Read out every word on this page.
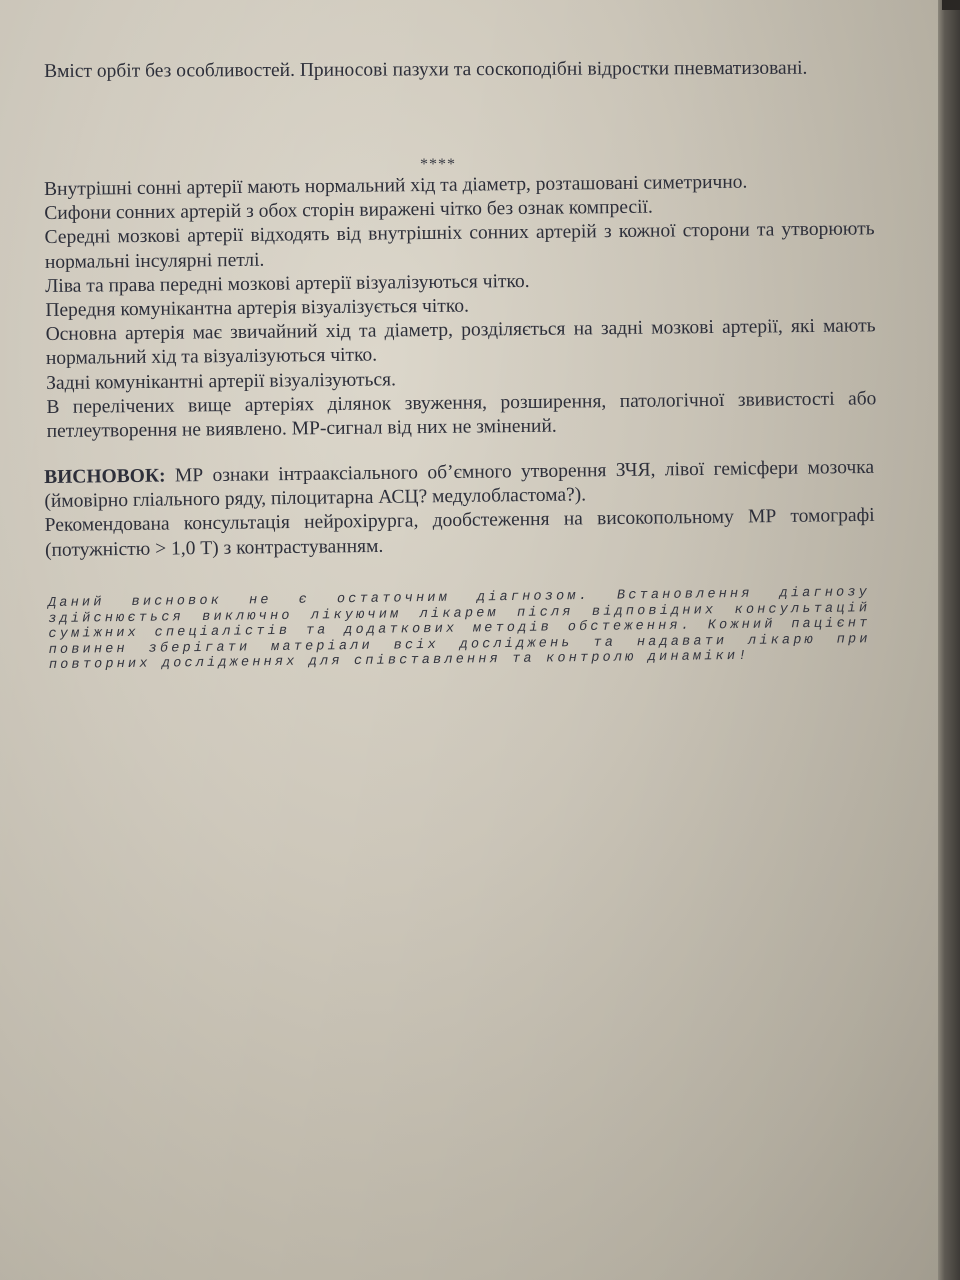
Вміст орбіт без особливостей. Приносові пазухи та соскоподібні відростки пневматизовані.

****

Внутрішні сонні артерії мають нормальний хід та діаметр, розташовані симетрично.

Сифони сонних артерій з обох сторін виражені чітко без ознак компресії.

Середні мозкові артерії відходять від внутрішніх сонних артерій з кожної сторони та утворюють нормальні інсулярні петлі.

Ліва та права передні мозкові артерії візуалізуються чітко.

Передня комунікантна артерія візуалізується чітко.

Основна артерія має звичайний хід та діаметр, розділяється на задні мозкові артерії, які мають нормальний хід та візуалізуються чітко.

Задні комунікантні артерії візуалізуються.

В перелічених вище артеріях ділянок звуження, розширення, патологічної звивистості або петлеутворення не виявлено. МР-сигнал від них не змінений.

ВИСНОВОК: МР ознаки інтрааксіального об’ємного утворення ЗЧЯ, лівої гемісфери мозочка (ймовірно гліального ряду, пілоцитарна АСЦ? медулобластома?).

Рекомендована консультація нейрохірурга, дообстеження на високопольному МР томографі (потужністю > 1,0 Т) з контрастуванням.

Даний висновок не є остаточним діагнозом. Встановлення діагнозу здійснюється виключно лікуючим лікарем після відповідних консультацій суміжних спеціалістів та додаткових методів обстеження. Кожний пацієнт повинен зберігати матеріали всіх досліджень та надавати лікарю при повторних дослідженнях для співставлення та контролю динаміки!
